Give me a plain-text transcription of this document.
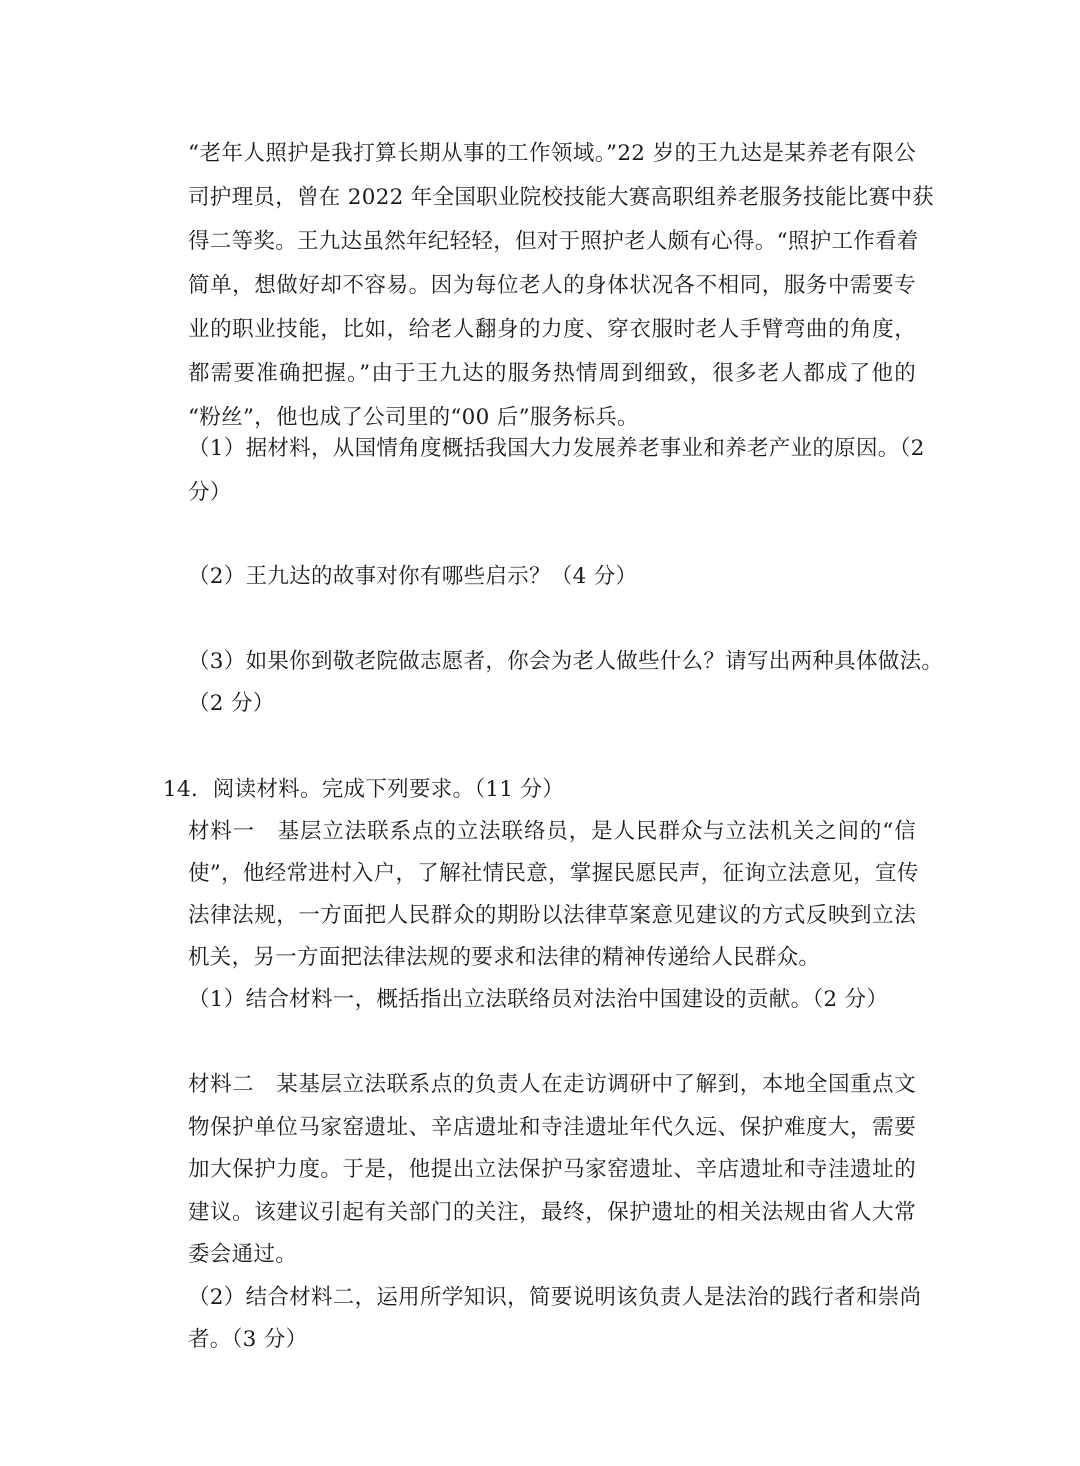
“老年人照护是我打算长期从事的工作领域。”22 岁的王九达是某养老有限公
司护理员，曾在 2022 年全国职业院校技能大赛高职组养老服务技能比赛中获
得二等奖。王九达虽然年纪轻轻，但对于照护老人颇有心得。“照护工作看着
简单，想做好却不容易。因为每位老人的身体状况各不相同，服务中需要专
业的职业技能，比如，给老人翻身的力度、穿衣服时老人手臂弯曲的角度，
都需要准确把握。”由于王九达的服务热情周到细致，很多老人都成了他的
“粉丝”，他也成了公司里的“00 后”服务标兵。
（1）据材料，从国情角度概括我国大力发展养老事业和养老产业的原因。（2
分）
（2）王九达的故事对你有哪些启示？（4 分）
（3）如果你到敬老院做志愿者，你会为老人做些什么？请写出两种具体做法。
（2 分）
14．阅读材料。完成下列要求。（11 分）
材料一　基层立法联系点的立法联络员，是人民群众与立法机关之间的“信
使”，他经常进村入户，了解社情民意，掌握民愿民声，征询立法意见，宣传
法律法规，一方面把人民群众的期盼以法律草案意见建议的方式反映到立法
机关，另一方面把法律法规的要求和法律的精神传递给人民群众。
（1）结合材料一，概括指出立法联络员对法治中国建设的贡献。（2 分）
材料二　某基层立法联系点的负责人在走访调研中了解到，本地全国重点文
物保护单位马家窑遗址、辛店遗址和寺洼遗址年代久远、保护难度大，需要
加大保护力度。于是，他提出立法保护马家窑遗址、辛店遗址和寺洼遗址的
建议。该建议引起有关部门的关注，最终，保护遗址的相关法规由省人大常
委会通过。
（2）结合材料二，运用所学知识，简要说明该负责人是法治的践行者和崇尚
者。（3 分）
